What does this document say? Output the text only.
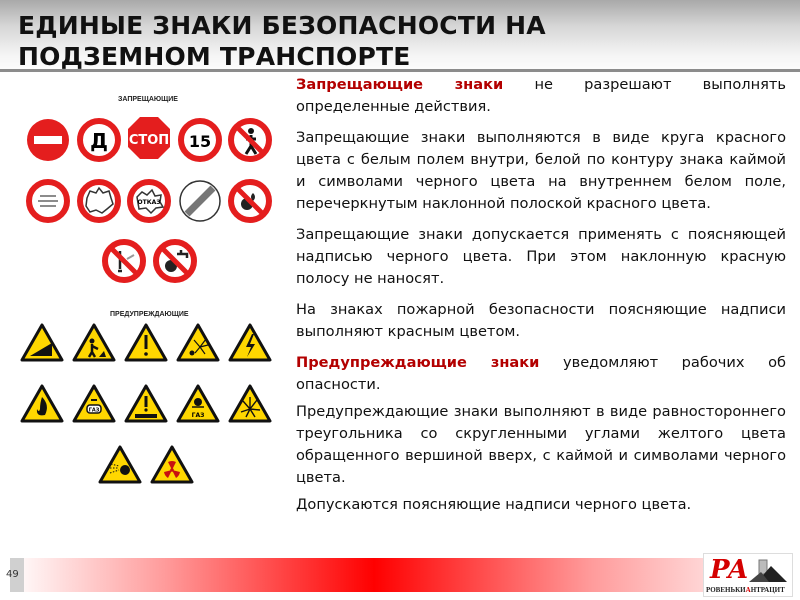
ЕДИНЫЕ ЗНАКИ БЕЗОПАСНОСТИ НА
ПОДЗЕМНОМ ТРАНСПОРТЕ
ЗАПРЕЩАЮЩИЕ
Д СТОП 15
ОТКАЗ
ГАЗ
ГАЗ
ПРЕДУПРЕЖДАЮЩИЕ

Запрещающие знаки не разрешают выполнять определенные действия.

Запрещающие знаки выполняются в виде круга красного цвета с белым полем внутри, белой по контуру знака каймой и символами черного цвета на внутреннем белом поле, перечеркнутым наклонной полоской красного цвета.

Запрещающие знаки допускается применять с поясняющей надписью черного цвета. При этом наклонную красную полосу не наносят.

На знаках пожарной безопасности поясняющие надписи выполняют красным цветом.

Предупреждающие знаки уведомляют рабочих об опасности.

Предупреждающие знаки выполняют в виде равностороннего треугольника со скругленными углами желтого цвета обращенного вершиной вверх, с каймой и символами черного цвета.

Допускаются поясняющие надписи черного цвета.

49	РА
РОВЕНЬКИАНТРАЦИТ
